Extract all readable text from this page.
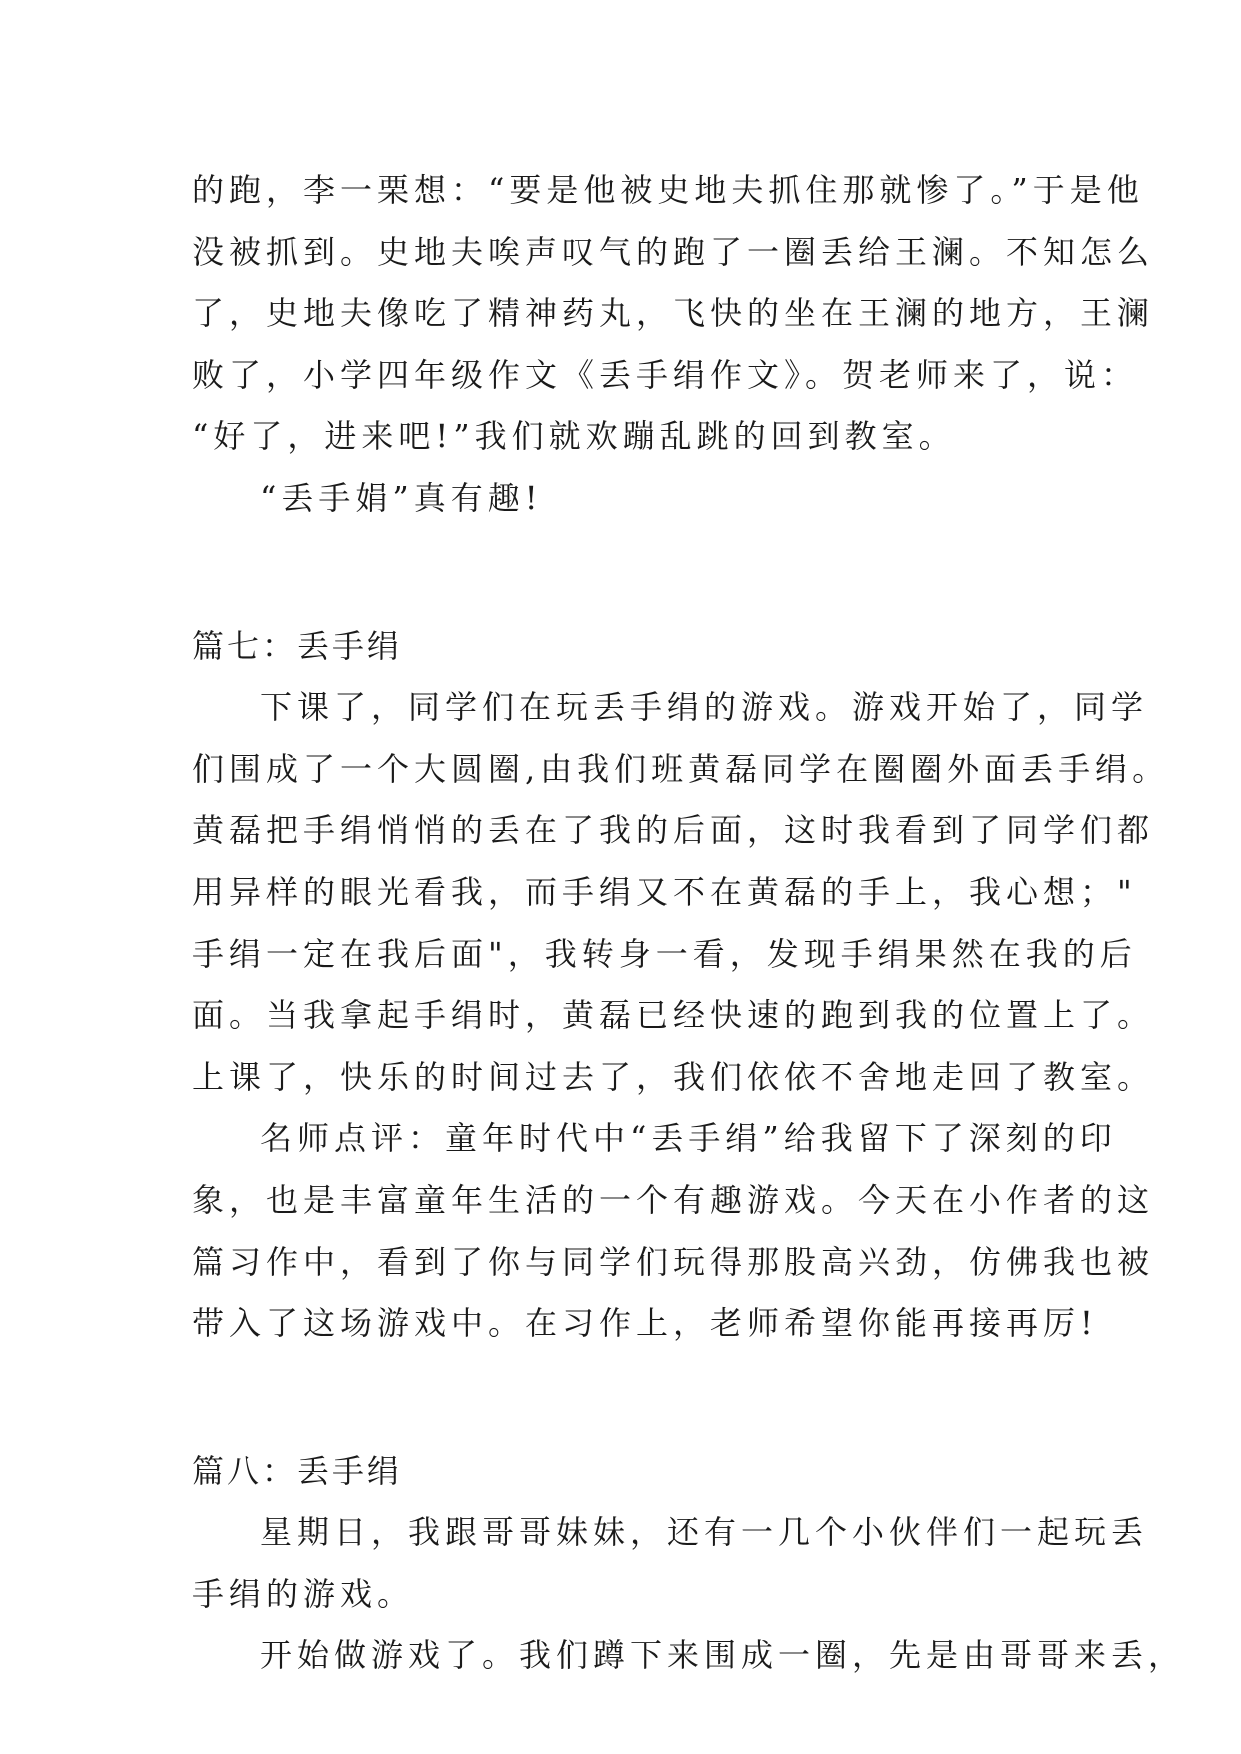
的跑，李一栗想：“要是他被史地夫抓住那就惨了。”于是他

没被抓到。史地夫唉声叹气的跑了一圈丢给王澜。不知怎么

了，史地夫像吃了精神药丸，飞快的坐在王澜的地方，王澜

败了，小学四年级作文《丢手绢作文》。贺老师来了，说：

“好了，进来吧!”我们就欢蹦乱跳的回到教室。

“丢手娟”真有趣!

篇七：丢手绢

下课了，同学们在玩丢手绢的游戏。游戏开始了，同学

们围成了一个大圆圈,由我们班黄磊同学在圈圈外面丢手绢。

黄磊把手绢悄悄的丢在了我的后面，这时我看到了同学们都

用异样的眼光看我，而手绢又不在黄磊的手上，我心想；"

手绢一定在我后面"，我转身一看，发现手绢果然在我的后

面。当我拿起手绢时，黄磊已经快速的跑到我的位置上了。

上课了，快乐的时间过去了，我们依依不舍地走回了教室。

名师点评：童年时代中“丢手绢”给我留下了深刻的印

象，也是丰富童年生活的一个有趣游戏。今天在小作者的这

篇习作中，看到了你与同学们玩得那股高兴劲，仿佛我也被

带入了这场游戏中。在习作上，老师希望你能再接再厉!

篇八：丢手绢

星期日，我跟哥哥妹妹，还有一几个小伙伴们一起玩丢

手绢的游戏。

开始做游戏了。我们蹲下来围成一圈，先是由哥哥来丢，
